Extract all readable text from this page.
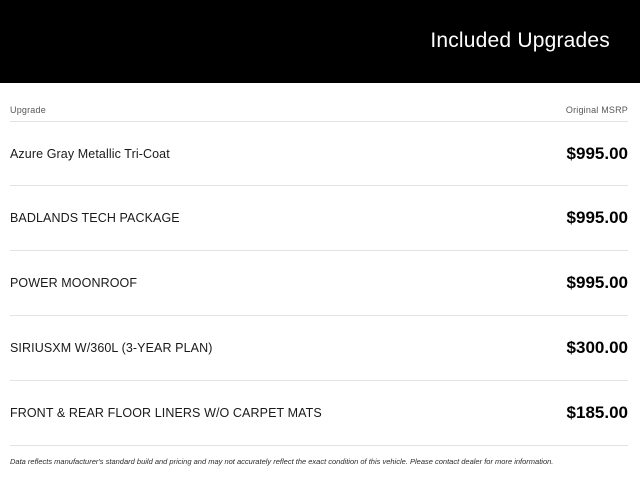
Included Upgrades
Upgrade	Original MSRP
Azure Gray Metallic Tri-Coat	$995.00
BADLANDS TECH PACKAGE	$995.00
POWER MOONROOF	$995.00
SIRIUSXM W/360L (3-YEAR PLAN)	$300.00
FRONT & REAR FLOOR LINERS W/O CARPET MATS	$185.00
Data reflects manufacturer's standard build and pricing and may not accurately reflect the exact condition of this vehicle. Please contact dealer for more information.
